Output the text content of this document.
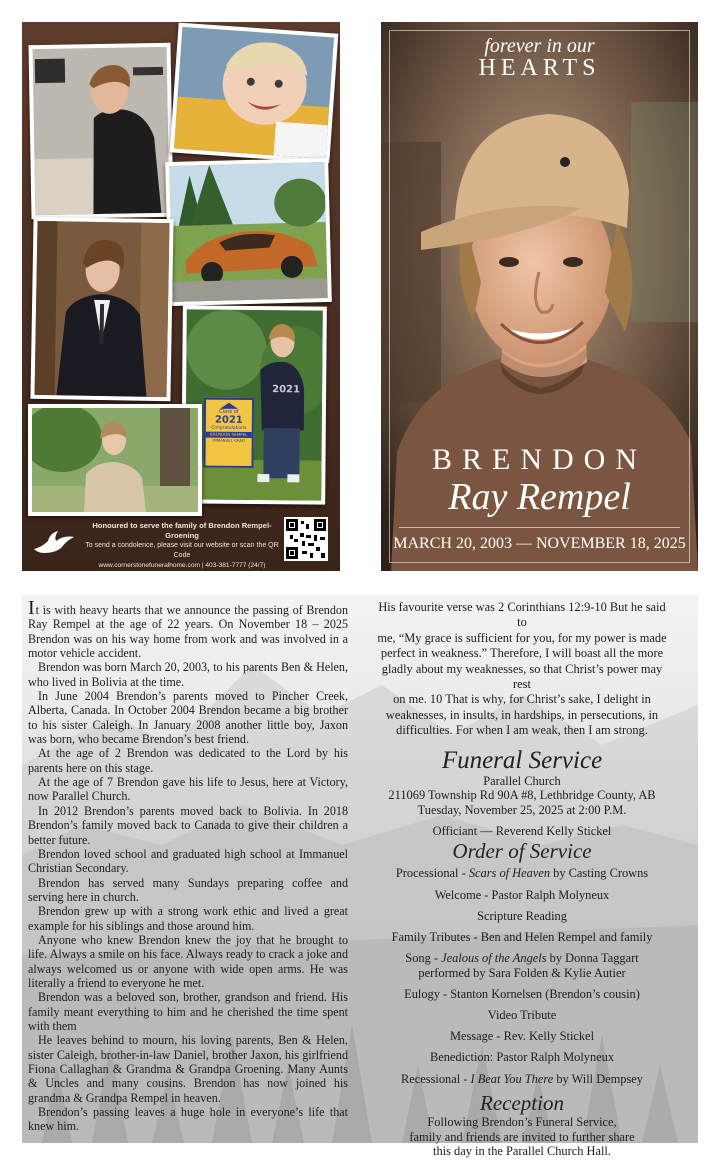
2021
Class of
2021
Congratulations
BRENDON REMPEL
IMMANUEL GRAD
Honoured to serve the family of Brendon Rempel-Groening
To send a condolence, please visit our website or scan the QR Code
www.cornerstonefuneralhome.com | 403-381-7777 (24/7)
forever in our
HEARTS
BRENDON
Ray Rempel
MARCH 20, 2003 — NOVEMBER 18, 2025

It is with heavy hearts that we announce the passing of Brendon Ray Rempel at the age of 22 years. On November 18 – 2025 Brendon was on his way home from work and was involved in a motor vehicle accident.

Brendon was born March 20, 2003, to his parents Ben & Helen, who lived in Bolivia at the time.

In June 2004 Brendon’s parents moved to Pincher Creek, Alberta, Canada. In October 2004 Brendon became a big brother to his sister Caleigh. In January 2008 another little boy, Jaxon was born, who became Brendon’s best friend.

At the age of 2 Brendon was dedicated to the Lord by his parents here on this stage.

At the age of 7 Brendon gave his life to Jesus, here at Victory, now Parallel Church.

In 2012 Brendon’s parents moved back to Bolivia. In 2018 Brendon’s family moved back to Canada to give their children a better future.

Brendon loved school and graduated high school at Immanuel Christian Secondary.

Brendon has served many Sundays preparing coffee and serving here in church.

Brendon grew up with a strong work ethic and lived a great example for his siblings and those around him.

Anyone who knew Brendon knew the joy that he brought to life. Always a smile on his face. Always ready to crack a joke and always welcomed us or anyone with wide open arms. He was literally a friend to everyone he met.

Brendon was a beloved son, brother, grandson and friend. His family meant everything to him and he cherished the time spent with them

He leaves behind to mourn, his loving parents, Ben & Helen, sister Caleigh, brother-in-law Daniel, brother Jaxon, his girlfriend Fiona Callaghan & Grandma & Grandpa Groening. Many Aunts & Uncles and many cousins. Brendon has now joined his grandma & Grandpa Rempel in heaven.

Brendon’s passing leaves a huge hole in everyone’s life that knew him.

His favourite verse was 2 Corinthians 12:9-10 But he said to
me, “My grace is sufficient for you, for my power is made
perfect in weakness.” Therefore, I will boast all the more
gladly about my weaknesses, so that Christ’s power may rest
on me. 10 That is why, for Christ’s sake, I delight in
weaknesses, in insults, in hardships, in persecutions, in
difficulties. For when I am weak, then I am strong.
Funeral Service
Parallel Church
211069 Township Rd 90A #8, Lethbridge County, AB
Tuesday, November 25, 2025 at 2:00 P.M.
Officiant — Reverend Kelly Stickel
Order of Service
Processional - Scars of Heaven by Casting Crowns
Welcome - Pastor Ralph Molyneux
Scripture Reading
Family Tributes - Ben and Helen Rempel and family
Song - Jealous of the Angels by Donna Taggart
performed by Sara Folden & Kylie Autier
Eulogy - Stanton Kornelsen (Brendon’s cousin)
Video Tribute
Message - Rev. Kelly Stickel
Benediction: Pastor Ralph Molyneux
Recessional - I Beat You There by Will Dempsey
Reception
Following Brendon’s Funeral Service,
family and friends are invited to further share
this day in the Parallel Church Hall.
